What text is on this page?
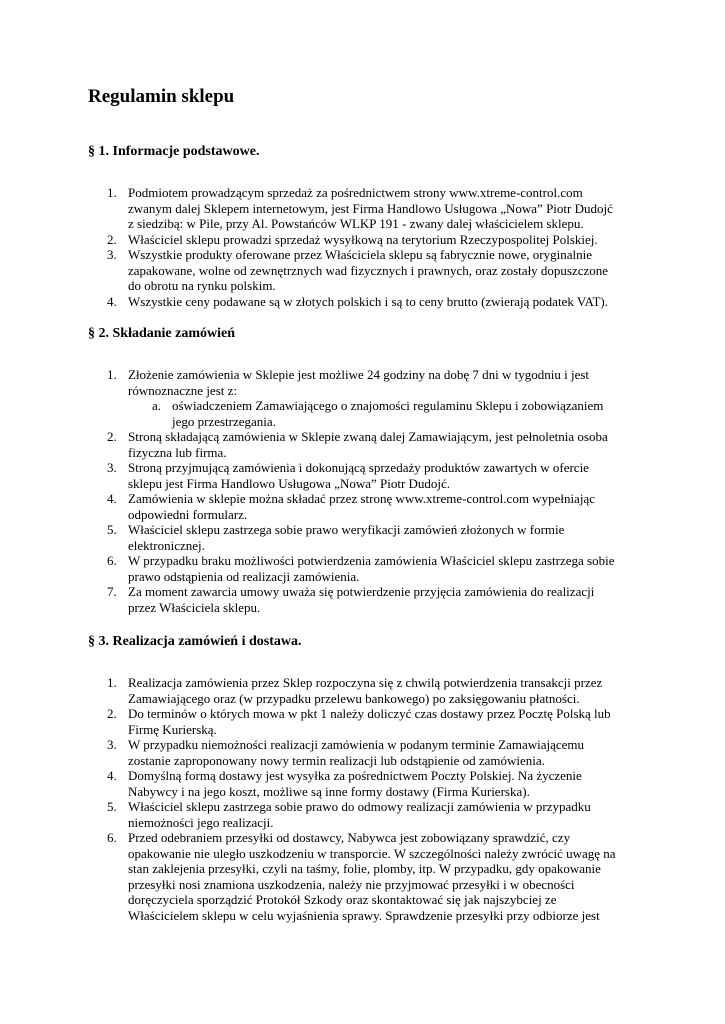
Regulamin sklepu
§ 1. Informacje podstawowe.
1. Podmiotem prowadzącym sprzedaż za pośrednictwem strony www.xtreme-control.com
zwanym dalej Sklepem internetowym, jest Firma Handlowo Usługowa „Nowa” Piotr Dudojć
z siedzibą: w Pile, przy Al. Powstańców WLKP 191 - zwany dalej właścicielem sklepu.
2. Właściciel sklepu prowadzi sprzedaż wysyłkową na terytorium Rzeczypospolitej Polskiej.
3. Wszystkie produkty oferowane przez Właściciela sklepu są fabrycznie nowe, oryginalnie
zapakowane, wolne od zewnętrznych wad fizycznych i prawnych, oraz zostały dopuszczone
do obrotu na rynku polskim.
4. Wszystkie ceny podawane są w złotych polskich i są to ceny brutto (zwierają podatek VAT).
§ 2. Składanie zamówień
1. Złożenie zamówienia w Sklepie jest możliwe 24 godziny na dobę 7 dni w tygodniu i jest
równoznaczne jest z:
a. oświadczeniem Zamawiającego o znajomości regulaminu Sklepu i zobowiązaniem
jego przestrzegania.
2. Stroną składającą zamówienia w Sklepie zwaną dalej Zamawiającym, jest pełnoletnia osoba
fizyczna lub firma.
3. Stroną przyjmującą zamówienia i dokonującą sprzedaży produktów zawartych w ofercie
sklepu jest Firma Handlowo Usługowa „Nowa” Piotr Dudojć.
4. Zamówienia w sklepie można składać przez stronę www.xtreme-control.com wypełniając
odpowiedni formularz.
5. Właściciel sklepu zastrzega sobie prawo weryfikacji zamówień złożonych w formie
elektronicznej.
6. W przypadku braku możliwości potwierdzenia zamówienia Właściciel sklepu zastrzega sobie
prawo odstąpienia od realizacji zamówienia.
7. Za moment zawarcia umowy uważa się potwierdzenie przyjęcia zamówienia do realizacji
przez Właściciela sklepu.
§ 3. Realizacja zamówień i dostawa.
1. Realizacja zamówienia przez Sklep rozpoczyna się z chwilą potwierdzenia transakcji przez
Zamawiającego oraz (w przypadku przelewu bankowego) po zaksięgowaniu płatności.
2. Do terminów o których mowa w pkt 1 należy doliczyć czas dostawy przez Pocztę Polską lub
Firmę Kurierską.
3. W przypadku niemożności realizacji zamówienia w podanym terminie Zamawiającemu
zostanie zaproponowany nowy termin realizacji lub odstąpienie od zamówienia.
4. Domyślną formą dostawy jest wysyłka za pośrednictwem Poczty Polskiej. Na życzenie
Nabywcy i na jego koszt, możliwe są inne formy dostawy (Firma Kurierska).
5. Właściciel sklepu zastrzega sobie prawo do odmowy realizacji zamówienia w przypadku
niemożności jego realizacji.
6. Przed odebraniem przesyłki od dostawcy, Nabywca jest zobowiązany sprawdzić, czy
opakowanie nie uległo uszkodzeniu w transporcie. W szczególności należy zwrócić uwagę na
stan zaklejenia przesyłki, czyli na taśmy, folie, plomby, itp. W przypadku, gdy opakowanie
przesyłki nosi znamiona uszkodzenia, należy nie przyjmować przesyłki i w obecności
doręczyciela sporządzić Protokół Szkody oraz skontaktować się jak najszybciej ze
Właścicielem sklepu w celu wyjaśnienia sprawy. Sprawdzenie przesyłki przy odbiorze jest
